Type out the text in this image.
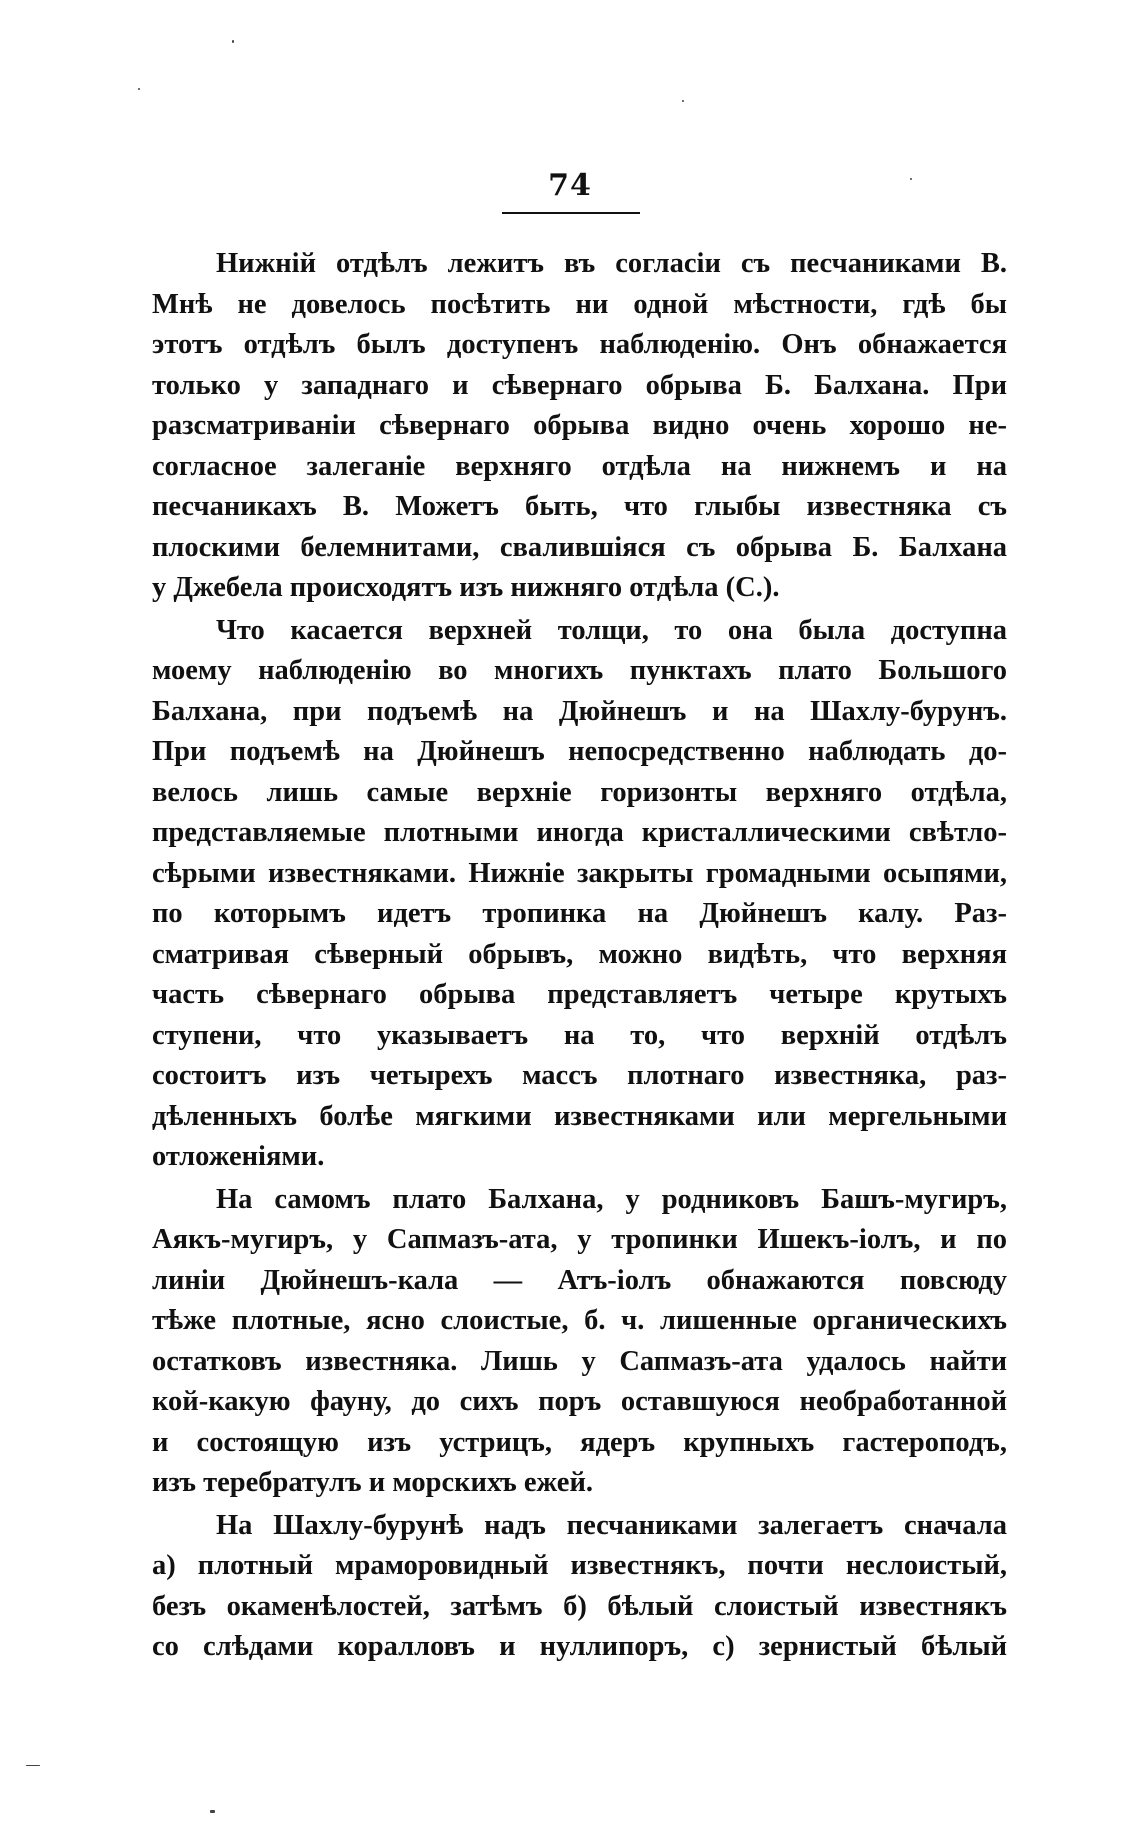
74
Нижній отдѣлъ лежитъ въ согласіи съ песчаниками В.
Мнѣ не довелось посѣтить ни одной мѣстности, гдѣ бы
этотъ отдѣлъ былъ доступенъ наблюденію. Онъ обнажается
только у западнаго и сѣвернаго обрыва Б. Балхана. При
разсматриваніи сѣвернаго обрыва видно очень хорошо не-
согласное залеганіе верхняго отдѣла на нижнемъ и на
песчаникахъ В. Можетъ быть, что глыбы известняка съ
плоскими белемнитами, свалившіяся съ обрыва Б. Балхана
у Джебела происходятъ изъ нижняго отдѣла (С.).
Что касается верхней толщи, то она была доступна
моему наблюденію во многихъ пунктахъ плато Большого
Балхана, при подъемѣ на Дюйнешъ и на Шахлу-бурунъ.
При подъемѣ на Дюйнешъ непосредственно наблюдать до-
велось лишь самые верхніе горизонты верхняго отдѣла,
представляемые плотными иногда кристаллическими свѣтло-
сѣрыми известняками. Нижніе закрыты громадными осыпями,
по которымъ идетъ тропинка на Дюйнешъ калу. Раз-
сматривая сѣверный обрывъ, можно видѣть, что верхняя
часть сѣвернаго обрыва представляетъ четыре крутыхъ
ступени, что указываетъ на то, что верхній отдѣлъ
состоитъ изъ четырехъ массъ плотнаго известняка, раз-
дѣленныхъ болѣе мягкими известняками или мергельными
отложеніями.
На самомъ плато Балхана, у родниковъ Башъ-мугиръ,
Аякъ-мугиръ, у Сапмазъ-ата, у тропинки Ишекъ-іолъ, и по
линіи Дюйнешъ-кала — Атъ-іолъ обнажаются повсюду
тѣже плотные, ясно слоистые, б. ч. лишенные органическихъ
остатковъ известняка. Лишь у Сапмазъ-ата удалось найти
кой-какую фауну, до сихъ поръ оставшуюся необработанной
и состоящую изъ устрицъ, ядеръ крупныхъ гастероподъ,
изъ теребратулъ и морскихъ ежей.
На Шахлу-бурунѣ надъ песчаниками залегаетъ сначала
а) плотный мраморовидный известнякъ, почти неслоистый,
безъ окаменѣлостей, затѣмъ б) бѣлый слоистый известнякъ
со слѣдами коралловъ и нуллипоръ, с) зернистый бѣлый
